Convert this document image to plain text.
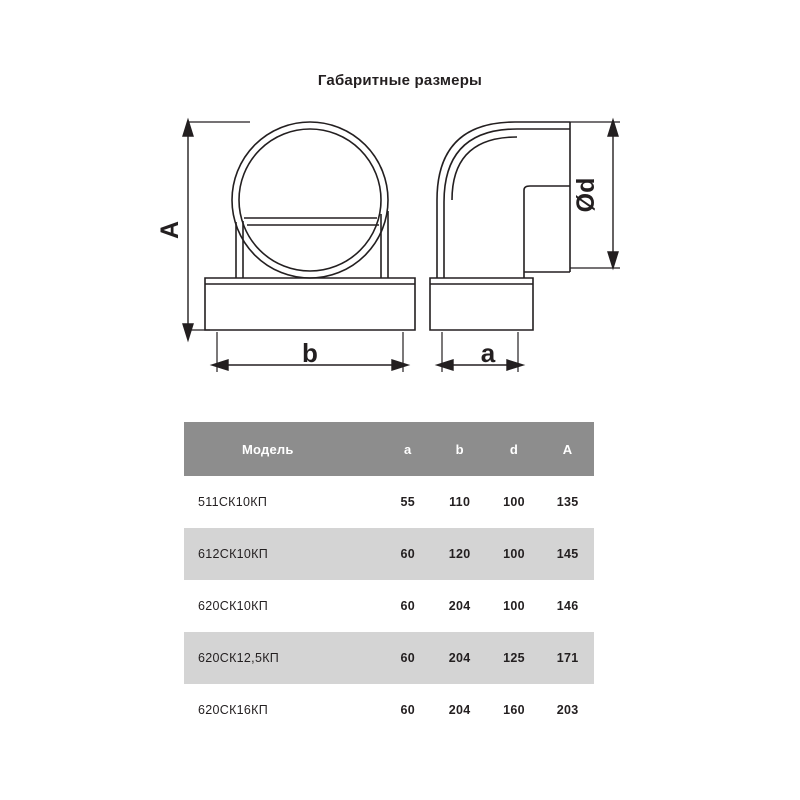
Габаритные размеры
A
b
Ød
a
Модель	a	b	d	A
511СК10КП	55	110	100	135
612СК10КП	60	120	100	145
620СК10КП	60	204	100	146
620СК12,5КП	60	204	125	171
620СК16КП	60	204	160	203
